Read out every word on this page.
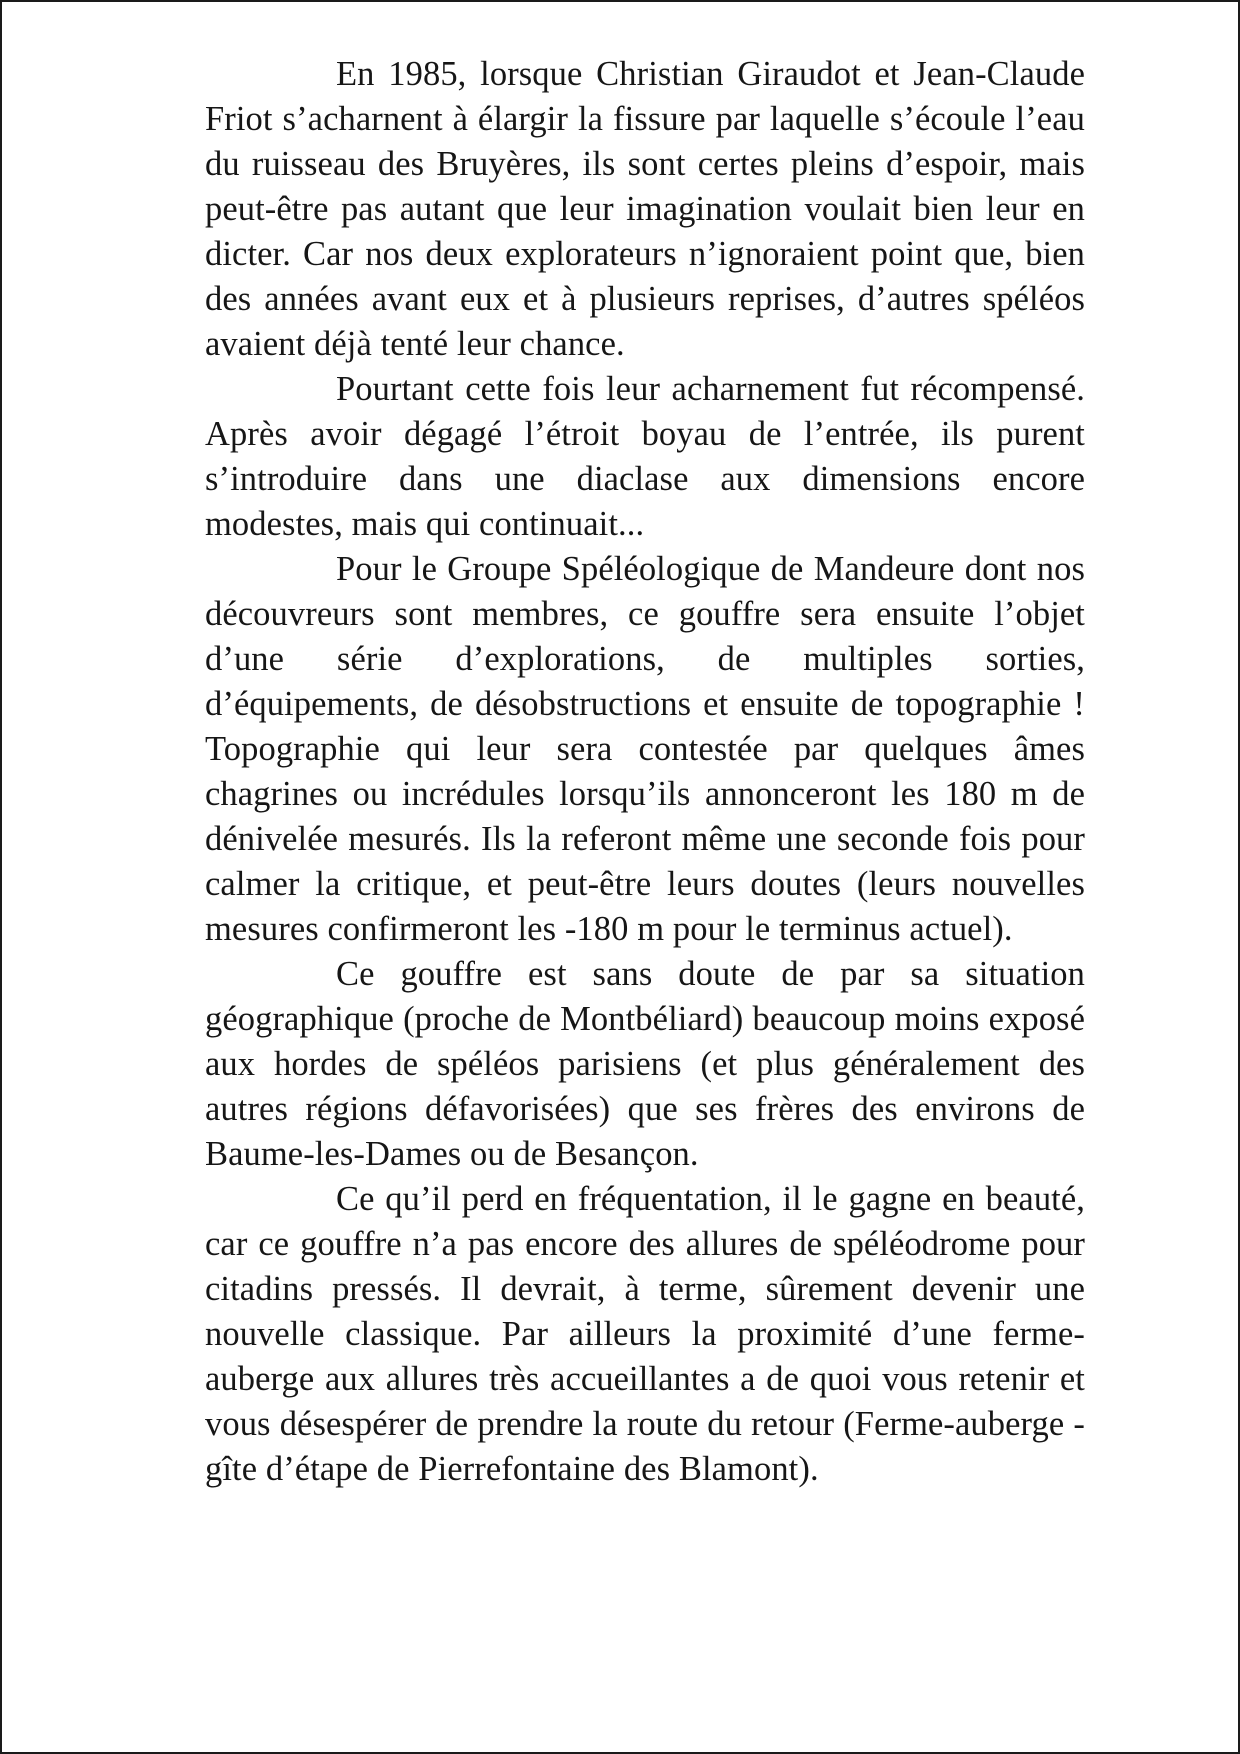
En 1985, lorsque Christian Giraudot et Jean-Claude Friot s’acharnent à élargir la fissure par laquelle s’écoule l’eau du ruisseau des Bruyères, ils sont certes pleins d’espoir, mais peut-être pas autant que leur imagination voulait bien leur en dicter. Car nos deux explorateurs n’ignoraient point que, bien des années avant eux et à plusieurs reprises, d’autres spéléos avaient déjà tenté leur chance.

Pourtant cette fois leur acharnement fut récompensé. Après avoir dégagé l’étroit boyau de l’entrée, ils purent s’introduire dans une diaclase aux dimensions encore modestes, mais qui continuait...

Pour le Groupe Spéléologique de Mandeure dont nos découvreurs sont membres, ce gouffre sera ensuite l’objet d’une série d’explorations, de multiples sorties, d’équipements, de désobstructions et ensuite de topographie ! Topographie qui leur sera contestée par quelques âmes chagrines ou incrédules lorsqu’ils annonceront les 180 m de dénivelée mesurés. Ils la referont même une seconde fois pour calmer la critique, et peut-être leurs doutes (leurs nouvelles mesures confirmeront les -180 m pour le terminus actuel).

Ce gouffre est sans doute de par sa situation géographique (proche de Montbéliard) beaucoup moins exposé aux hordes de spéléos parisiens (et plus généralement des autres régions défavorisées) que ses frères des environs de Baume-les-Dames ou de Besançon.

Ce qu’il perd en fréquentation, il le gagne en beauté, car ce gouffre n’a pas encore des allures de spéléodrome pour citadins pressés. Il devrait, à terme, sûrement devenir une nouvelle classique. Par ailleurs la proximité d’une ferme-auberge aux allures très accueillantes a de quoi vous retenir et vous désespérer de prendre la route du retour (Ferme-auberge - gîte d’étape de Pierrefontaine des Blamont).
